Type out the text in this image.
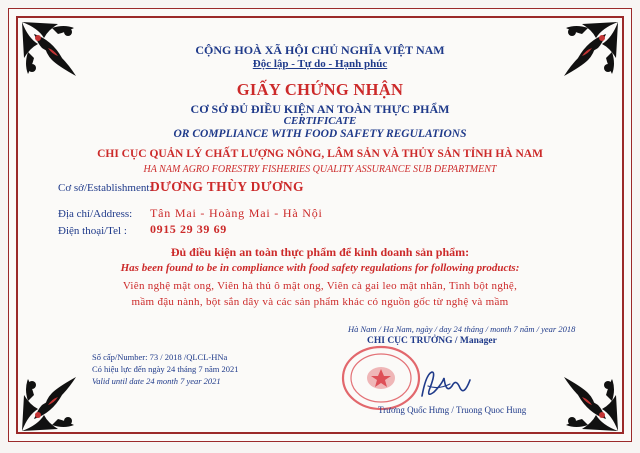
CỘNG HOÀ XÃ HỘI CHỦ NGHĨA VIỆT NAM
Độc lập - Tự do - Hạnh phúc
GIẤY CHỨNG NHẬN
CƠ SỞ ĐỦ ĐIỀU KIỆN AN TOÀN THỰC PHẨM
CERTIFICATE
OR COMPLIANCE WITH FOOD SAFETY REGULATIONS
CHI CỤC QUẢN LÝ CHẤT LƯỢNG NÔNG, LÂM SẢN VÀ THỦY SẢN TỈNH HÀ NAM
HA NAM AGRO FORESTRY FISHERIES QUALITY ASSURANCE SUB DEPARTMENT
Cơ sở/Establishment:
DƯƠNG THÙY DƯƠNG
Địa chỉ/Address: Tân Mai - Hoàng Mai - Hà Nội
Điện thoại/Tel : 0915 29 39 69
Đủ điều kiện an toàn thực phẩm để kinh doanh sản phẩm:
Has been found to be in compliance with food safety regulations for following products:
Viên nghệ mật ong, Viên hà thủ ô mật ong, Viên cà gai leo mật nhân, Tinh bột nghệ,
mầm đậu nành, bột sắn dây và các sản phẩm khác có nguồn gốc từ nghệ và mầm
Hà Nam / Ha Nam, ngày / day 24 tháng / month 7 năm / year 2018
CHI CỤC TRƯỞNG / Manager
Trương Quốc Hưng / Truong Quoc Hung
Số cấp/Number: 73 / 2018 /QLCL-HNa
Có hiệu lực đến ngày 24 tháng 7 năm 2021
Valid until date 24 month 7 year 2021
